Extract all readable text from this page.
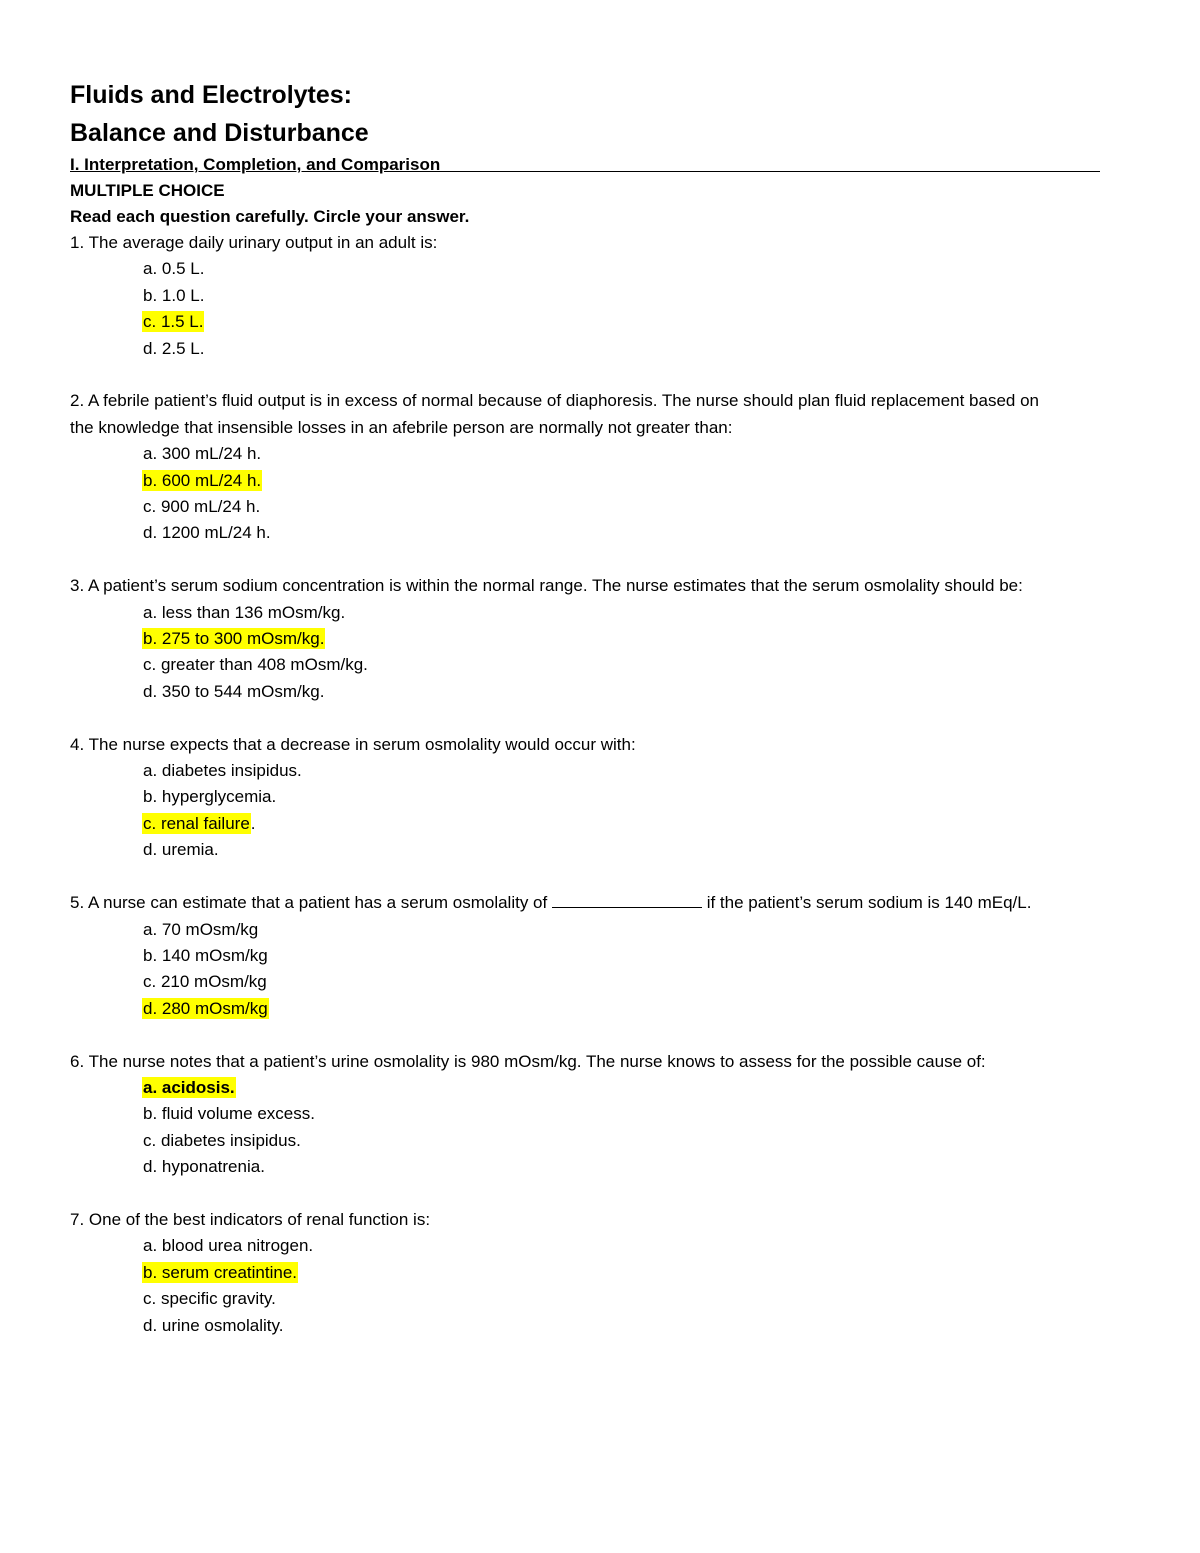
Fluids and Electrolytes:
Balance and Disturbance
I. Interpretation, Completion, and Comparison
MULTIPLE CHOICE
Read each question carefully. Circle your answer.
1. The average daily urinary output in an adult is:
a. 0.5 L.
b. 1.0 L.
c. 1.5 L.
d. 2.5 L.
2. A febrile patient’s fluid output is in excess of normal because of diaphoresis. The nurse should plan fluid replacement based on the knowledge that insensible losses in an afebrile person are normally not greater than:
a. 300 mL/24 h.
b. 600 mL/24 h.
c. 900 mL/24 h.
d. 1200 mL/24 h.
3. A patient’s serum sodium concentration is within the normal range. The nurse estimates that the serum osmolality should be:
a. less than 136 mOsm/kg.
b. 275 to 300 mOsm/kg.
c. greater than 408 mOsm/kg.
d. 350 to 544 mOsm/kg.
4. The nurse expects that a decrease in serum osmolality would occur with:
a. diabetes insipidus.
b. hyperglycemia.
c. renal failure.
d. uremia.
5. A nurse can estimate that a patient has a serum osmolality of	if the patient’s serum sodium is 140 mEq/L.
a. 70 mOsm/kg
b. 140 mOsm/kg
c. 210 mOsm/kg
d. 280 mOsm/kg
6. The nurse notes that a patient’s urine osmolality is 980 mOsm/kg. The nurse knows to assess for the possible cause of:
a. acidosis.
b. fluid volume excess.
c. diabetes insipidus.
d. hyponatrenia.
7. One of the best indicators of renal function is:
a. blood urea nitrogen.
b. serum creatintine.
c. specific gravity.
d. urine osmolality.
